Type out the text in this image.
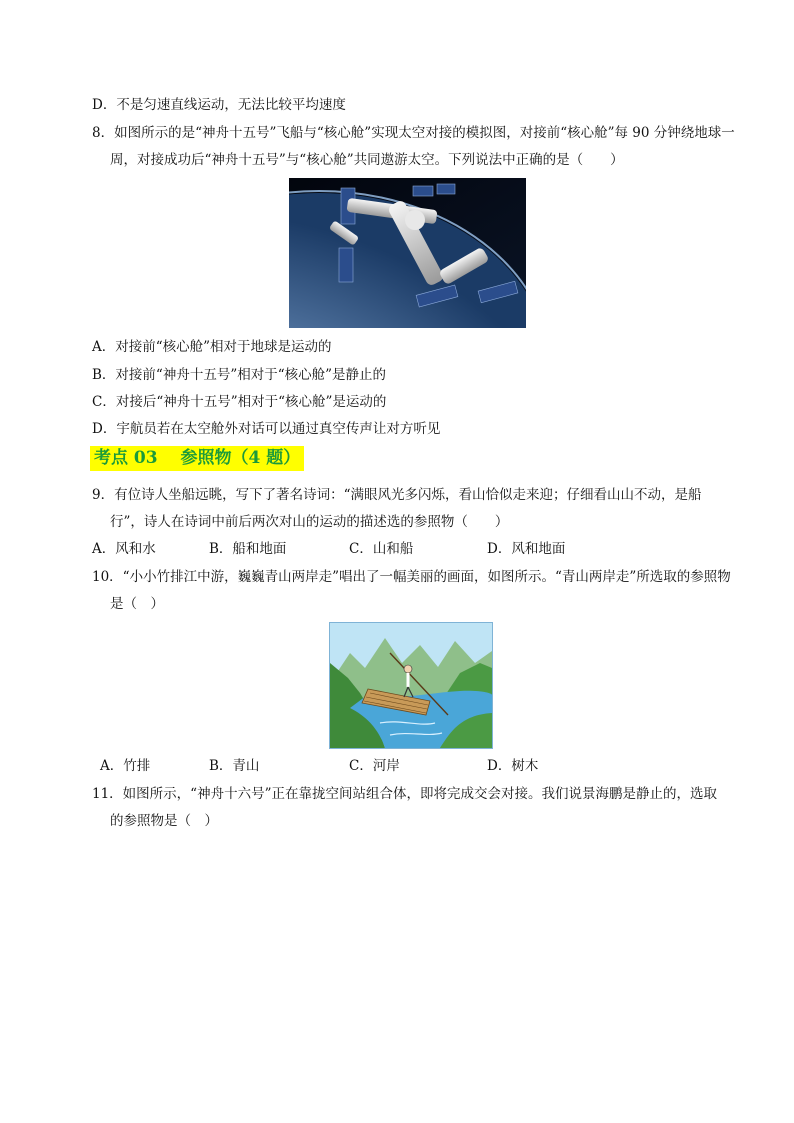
D．不是匀速直线运动，无法比较平均速度
8．如图所示的是“神舟十五号”飞船与“核心舱”实现太空对接的模拟图，对接前“核心舱”每 90 分钟绕地球一
周，对接成功后“神舟十五号”与“核心舱”共同遨游太空。下列说法中正确的是（　　）
A．对接前“核心舱”相对于地球是运动的
B．对接前“神舟十五号”相对于“核心舱”是静止的
C．对接后“神舟十五号”相对于“核心舱”是运动的
D．宇航员若在太空舱外对话可以通过真空传声让对方听见
考点 03　 参照物（4 题）
9．有位诗人坐船远眺，写下了著名诗词：“满眼风光多闪烁，看山恰似走来迎；仔细看山山不动，是船
行”，诗人在诗词中前后两次对山的运动的描述选的参照物（　　）
A．风和水	B．船和地面	C．山和船	D．风和地面
10．“小小竹排江中游，巍巍青山两岸走”唱出了一幅美丽的画面，如图所示。“青山两岸走”所选取的参照物
是（　）
A．竹排	B．青山	C．河岸	D．树木
11．如图所示，“神舟十六号”正在靠拢空间站组合体，即将完成交会对接。我们说景海鹏是静止的，选取
的参照物是（　）
